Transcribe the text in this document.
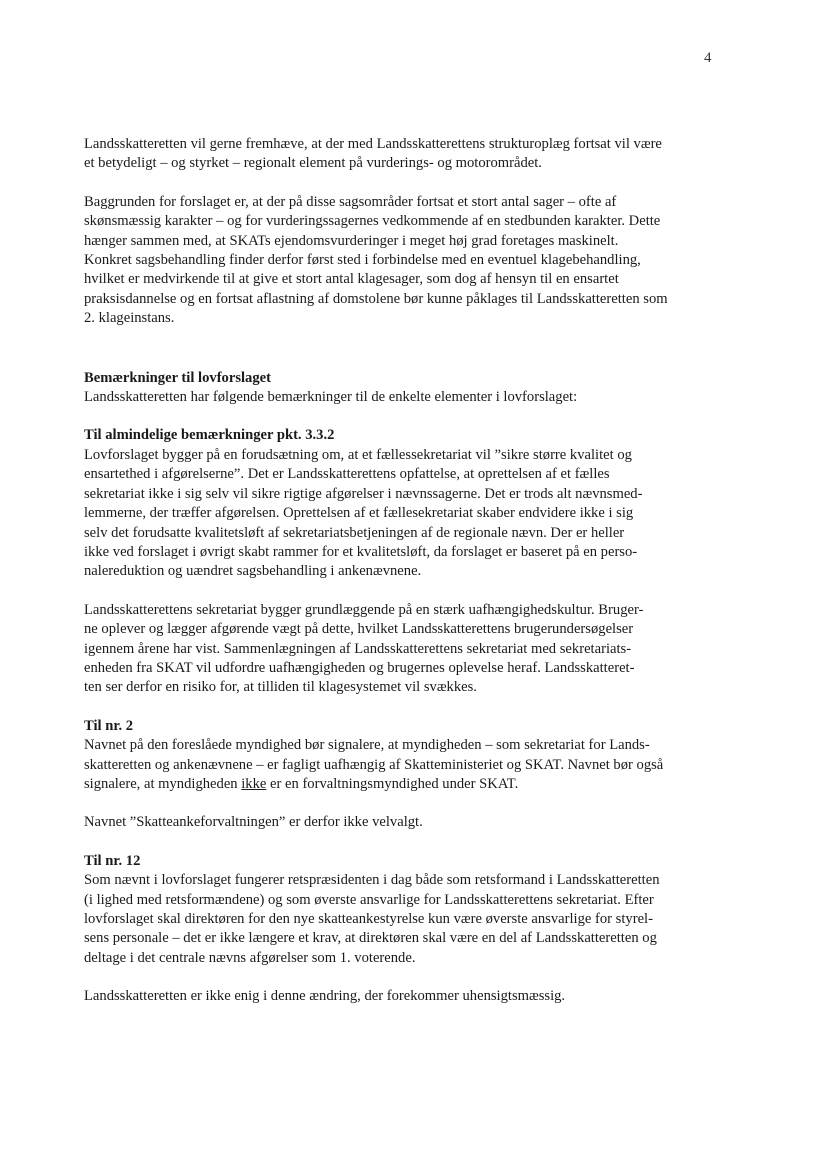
4
Landsskatteretten vil gerne fremhæve, at der med Landsskatterettens strukturoplæg fortsat vil være
et betydeligt – og styrket – regionalt element på vurderings- og motorområdet.
Baggrunden for forslaget er, at der på disse sagsområder fortsat et stort antal sager – ofte af
skønsmæssig karakter – og for vurderingssagernes vedkommende af en stedbunden karakter. Dette
hænger sammen med, at SKATs ejendomsvurderinger i meget høj grad foretages maskinelt.
Konkret sagsbehandling finder derfor først sted i forbindelse med en eventuel klagebehandling,
hvilket er medvirkende til at give et stort antal klagesager, som dog af hensyn til en ensartet
praksisdannelse og en fortsat aflastning af domstolene bør kunne påklages til Landsskatteretten som
2. klageinstans.
Bemærkninger til lovforslaget
Landsskatteretten har følgende bemærkninger til de enkelte elementer i lovforslaget:
Til almindelige bemærkninger pkt. 3.3.2
Lovforslaget bygger på en forudsætning om, at et fællessekretariat vil ”sikre større kvalitet og
ensartethed i afgørelserne”. Det er Landsskatterettens opfattelse, at oprettelsen af et fælles
sekretariat ikke i sig selv vil sikre rigtige afgørelser i nævnssagerne. Det er trods alt nævnsmed-
lemmerne, der træffer afgørelsen. Oprettelsen af et fællesekretariat skaber endvidere ikke i sig
selv det forudsatte kvalitetsløft af sekretariatsbetjeningen af de regionale nævn. Der er heller
ikke ved forslaget i øvrigt skabt rammer for et kvalitetsløft, da forslaget er baseret på en perso-
nalereduktion og uændret sagsbehandling i ankenævnene.
Landsskatterettens sekretariat bygger grundlæggende på en stærk uafhængighedskultur. Bruger-
ne oplever og lægger afgørende vægt på dette, hvilket Landsskatterettens brugerundersøgelser
igennem årene har vist. Sammenlægningen af Landsskatterettens sekretariat med sekretariats-
enheden fra SKAT vil udfordre uafhængigheden og brugernes oplevelse heraf. Landsskatteret-
ten ser derfor en risiko for, at tilliden til klagesystemet vil svækkes.
Til nr. 2
Navnet på den foreslåede myndighed bør signalere, at myndigheden – som sekretariat for Lands-
skatteretten og ankenævnene – er fagligt uafhængig af Skatteministeriet og SKAT. Navnet bør også
signalere, at myndigheden ikke er en forvaltningsmyndighed under SKAT.
Navnet ”Skatteankeforvaltningen” er derfor ikke velvalgt.
Til nr. 12
Som nævnt i lovforslaget fungerer retspræsidenten i dag både som retsformand i Landsskatteretten
(i lighed med retsformændene) og som øverste ansvarlige for Landsskatterettens sekretariat. Efter
lovforslaget skal direktøren for den nye skatteankestyrelse kun være øverste ansvarlige for styrel-
sens personale – det er ikke længere et krav, at direktøren skal være en del af Landsskatteretten og
deltage i det centrale nævns afgørelser som 1. voterende.
Landsskatteretten er ikke enig i denne ændring, der forekommer uhensigtsmæssig.
